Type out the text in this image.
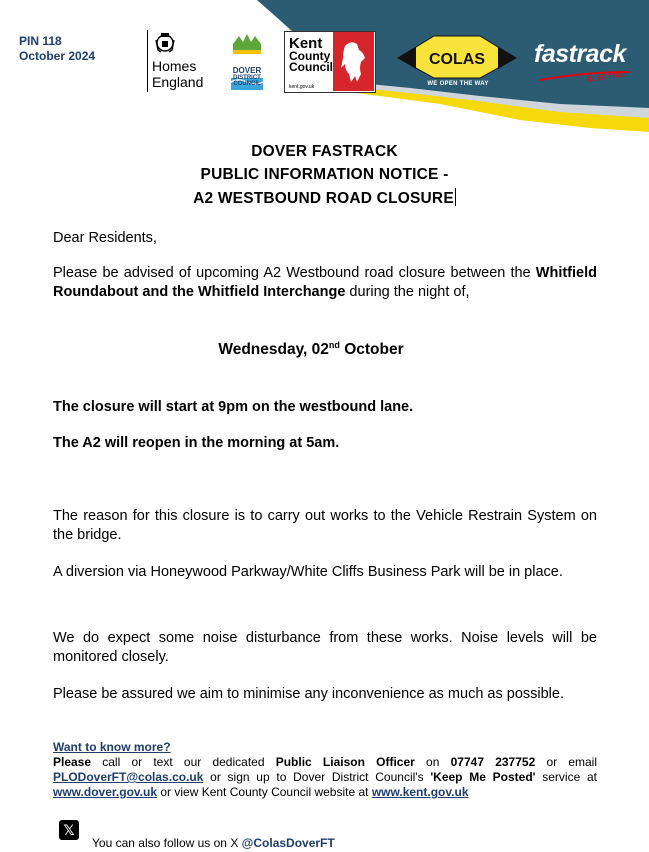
PIN 118
October 2024
Homes
England
DOVER
DISTRICT
COUNCIL
Kent
County
Council
kent.gov.uk
COLAS
WE OPEN THE WAY
fastrack
ELECTRIC
DOVER FASTRACK
PUBLIC INFORMATION NOTICE -
A2 WESTBOUND ROAD CLOSURE
Dear Residents,
Please be advised of upcoming A2 Westbound road closure between the Whitfield Roundabout and the Whitfield Interchange during the night of,
Wednesday, 02nd October
The closure will start at 9pm on the westbound lane.
The A2 will reopen in the morning at 5am.
The reason for this closure is to carry out works to the Vehicle Restrain System on the bridge.
A diversion via Honeywood Parkway/White Cliffs Business Park will be in place.
We do expect some noise disturbance from these works. Noise levels will be monitored closely.
Please be assured we aim to minimise any inconvenience as much as possible.
Want to know more?
Please call or text our dedicated Public Liaison Officer on 07747 237752 or email PLODoverFT@colas.co.uk or sign up to Dover District Council's 'Keep Me Posted' service at www.dover.gov.uk or view Kent County Council website at www.kent.gov.uk
𝕏
You can also follow us on X @ColasDoverFT
